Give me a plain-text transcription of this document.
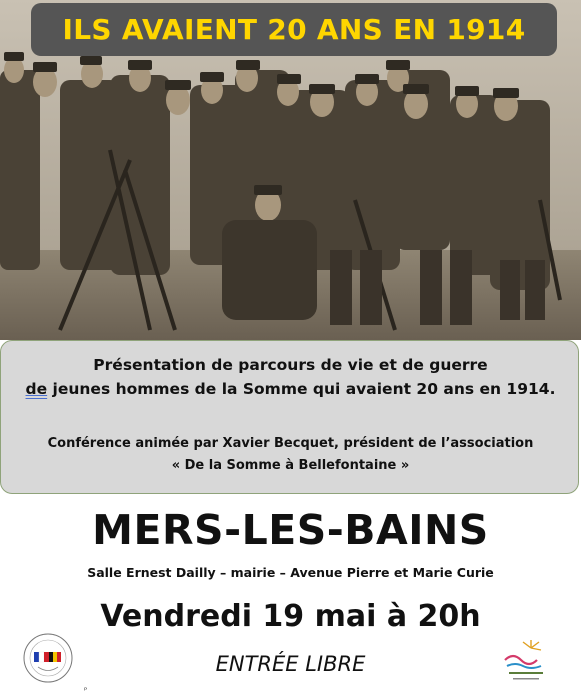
ILS AVAIENT 20 ANS EN 1914
Présentation de parcours de vie et de guerre
de jeunes hommes de la Somme qui avaient 20 ans en 1914.
Conférence animée par Xavier Becquet, président de l’association
« De la Somme à Bellefontaine »
MERS-LES-BAINS
Salle Ernest Dailly – mairie – Avenue Pierre et Marie Curie
Vendredi 19 mai à 20h
ENTRÉE LIBRE
ᴾ
